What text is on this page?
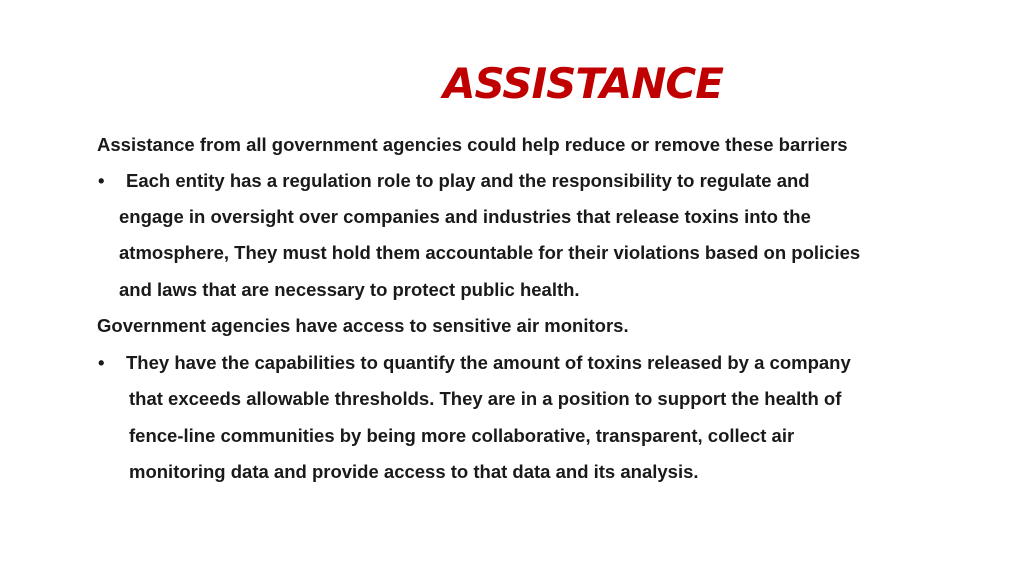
ASSISTANCE
Assistance from all government agencies could help reduce or remove these barriers
• Each entity has a regulation role to play and the responsibility to regulate and
engage in oversight over companies and industries that release toxins into the
atmosphere, They must hold them accountable for their violations based on policies
and laws that are necessary to protect public health.
Government agencies have access to sensitive air monitors.
• They have the capabilities to quantify the amount of toxins released by a company
that exceeds allowable thresholds. They are in a position to support the health of
fence-line communities by being more collaborative, transparent, collect air
monitoring data and provide access to that data and its analysis.
